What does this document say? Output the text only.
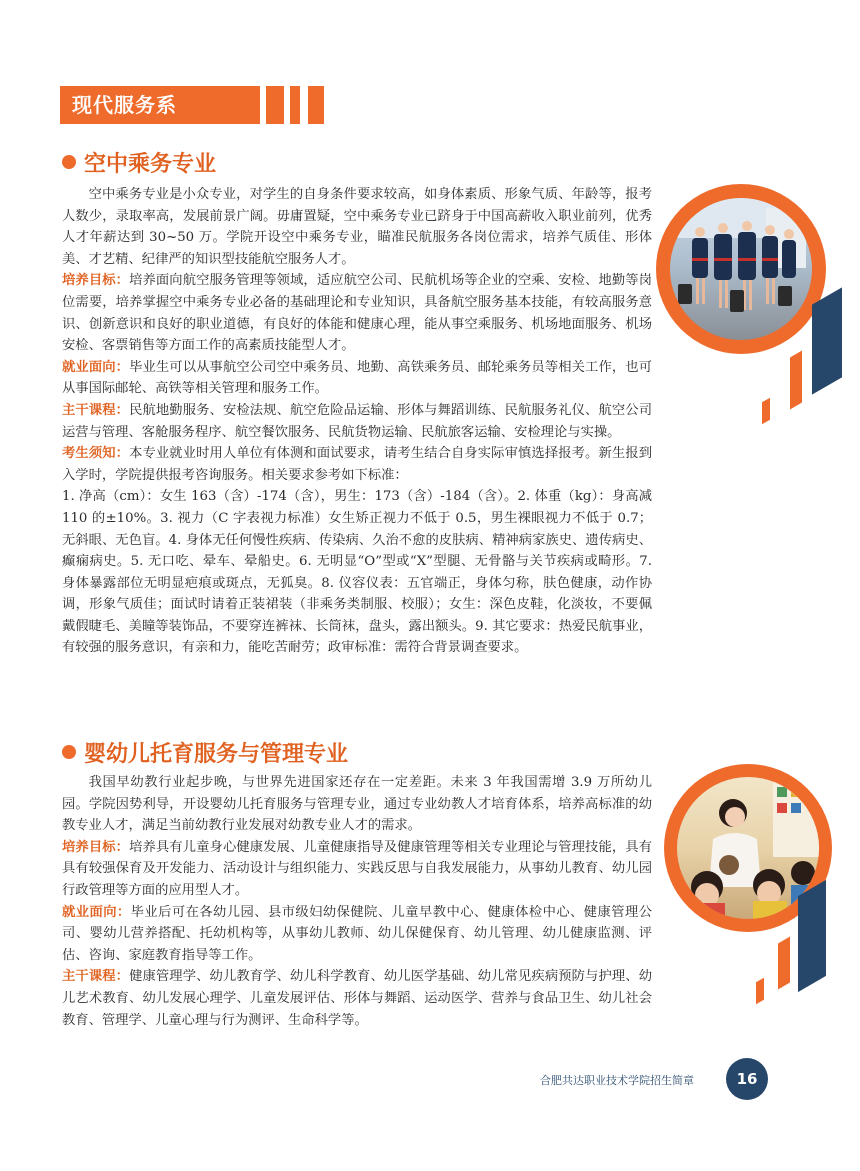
现代服务系
空中乘务专业

空中乘务专业是小众专业，对学生的自身条件要求较高，如身体素质、形象气质、年龄等，报考人数少，录取率高，发展前景广阔。毋庸置疑，空中乘务专业已跻身于中国高薪收入职业前列，优秀人才年薪达到 30~50 万。学院开设空中乘务专业，瞄准民航服务各岗位需求，培养气质佳、形体美、才艺精、纪律严的知识型技能航空服务人才。

培养目标：培养面向航空服务管理等领域，适应航空公司、民航机场等企业的空乘、安检、地勤等岗位需要，培养掌握空中乘务专业必备的基础理论和专业知识，具备航空服务基本技能，有较高服务意识、创新意识和良好的职业道德，有良好的体能和健康心理，能从事空乘服务、机场地面服务、机场安检、客票销售等方面工作的高素质技能型人才。

就业面向：毕业生可以从事航空公司空中乘务员、地勤、高铁乘务员、邮轮乘务员等相关工作，也可从事国际邮轮、高铁等相关管理和服务工作。

主干课程：民航地勤服务、安检法规、航空危险品运输、形体与舞蹈训练、民航服务礼仪、航空公司运营与管理、客舱服务程序、航空餐饮服务、民航货物运输、民航旅客运输、安检理论与实操。

考生须知：本专业就业时用人单位有体测和面试要求，请考生结合自身实际审慎选择报考。新生报到入学时，学院提供报考咨询服务。相关要求参考如下标准：

1. 净高（cm）：女生 163（含）-174（含），男生：173（含）-184（含）。2. 体重（kg）：身高减 110 的±10%。3. 视力（C 字表视力标准）女生矫正视力不低于 0.5，男生裸眼视力不低于 0.7；无斜眼、无色盲。4. 身体无任何慢性疾病、传染病、久治不愈的皮肤病、精神病家族史、遗传病史、癫痫病史。5. 无口吃、晕车、晕船史。6. 无明显“O”型或“X”型腿、无骨骼与关节疾病或畸形。7. 身体暴露部位无明显疤痕或斑点，无狐臭。8. 仪容仪表：五官端正，身体匀称，肤色健康，动作协调，形象气质佳；面试时请着正装裙装（非乘务类制服、校服）；女生：深色皮鞋，化淡妆，不要佩戴假睫毛、美瞳等装饰品，不要穿连裤袜、长筒袜，盘头，露出额头。9. 其它要求：热爱民航事业，有较强的服务意识，有亲和力，能吃苦耐劳；政审标准：需符合背景调查要求。

婴幼儿托育服务与管理专业

我国早幼教行业起步晚，与世界先进国家还存在一定差距。未来 3 年我国需增 3.9 万所幼儿园。学院因势利导，开设婴幼儿托育服务与管理专业，通过专业幼教人才培育体系，培养高标准的幼教专业人才，满足当前幼教行业发展对幼教专业人才的需求。

培养目标：培养具有儿童身心健康发展、儿童健康指导及健康管理等相关专业理论与管理技能，具有具有较强保育及开发能力、活动设计与组织能力、实践反思与自我发展能力，从事幼儿教育、幼儿园行政管理等方面的应用型人才。

就业面向：毕业后可在各幼儿园、县市级妇幼保健院、儿童早教中心、健康体检中心、健康管理公司、婴幼儿营养搭配、托幼机构等，从事幼儿教师、幼儿保健保育、幼儿管理、幼儿健康监测、评估、咨询、家庭教育指导等工作。

主干课程：健康管理学、幼儿教育学、幼儿科学教育、幼儿医学基础、幼儿常见疾病预防与护理、幼儿艺术教育、幼儿发展心理学、儿童发展评估、形体与舞蹈、运动医学、营养与食品卫生、幼儿社会教育、管理学、儿童心理与行为测评、生命科学等。

合肥共达职业技术学院招生简章	16
